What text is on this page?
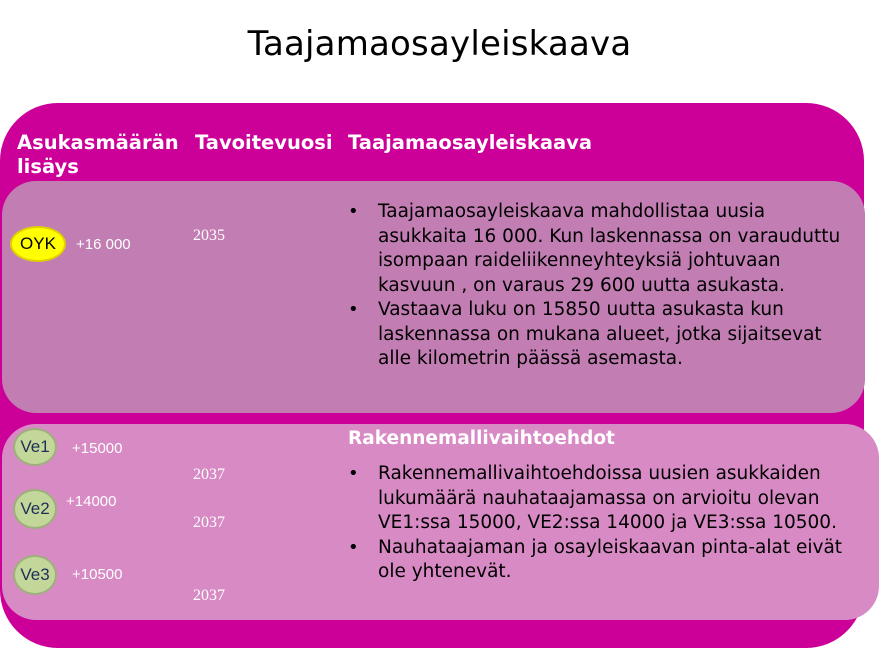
Taajamaosayleiskaava
Asukasmäärän lisäys
Tavoitevuosi Taajamaosayleiskaava
OYK +16 000
2035
• Taajamaosayleiskaava mahdollistaa uusia asukkaita 16 000. Kun laskennassa on varauduttu isompaan raideliikenneyhteyksiä johtuvaan kasvuun , on varaus 29 600 uutta asukasta.
• Vastaava luku on 15850 uutta asukasta kun laskennassa on mukana alueet, jotka sijaitsevat alle kilometrin päässä asemasta.
Rakennemallivaihtoehdot
Ve1 +15000
2037
Ve2 +14000
2037
Ve3 +10500
2037
• Rakennemallivaihtoehdoissa uusien asukkaiden lukumäärä nauhataajamassa on arvioitu olevan VE1:ssa 15000, VE2:ssa 14000 ja VE3:ssa 10500.
• Nauhataajaman ja osayleiskaavan pinta-alat eivät ole yhtenevät.
